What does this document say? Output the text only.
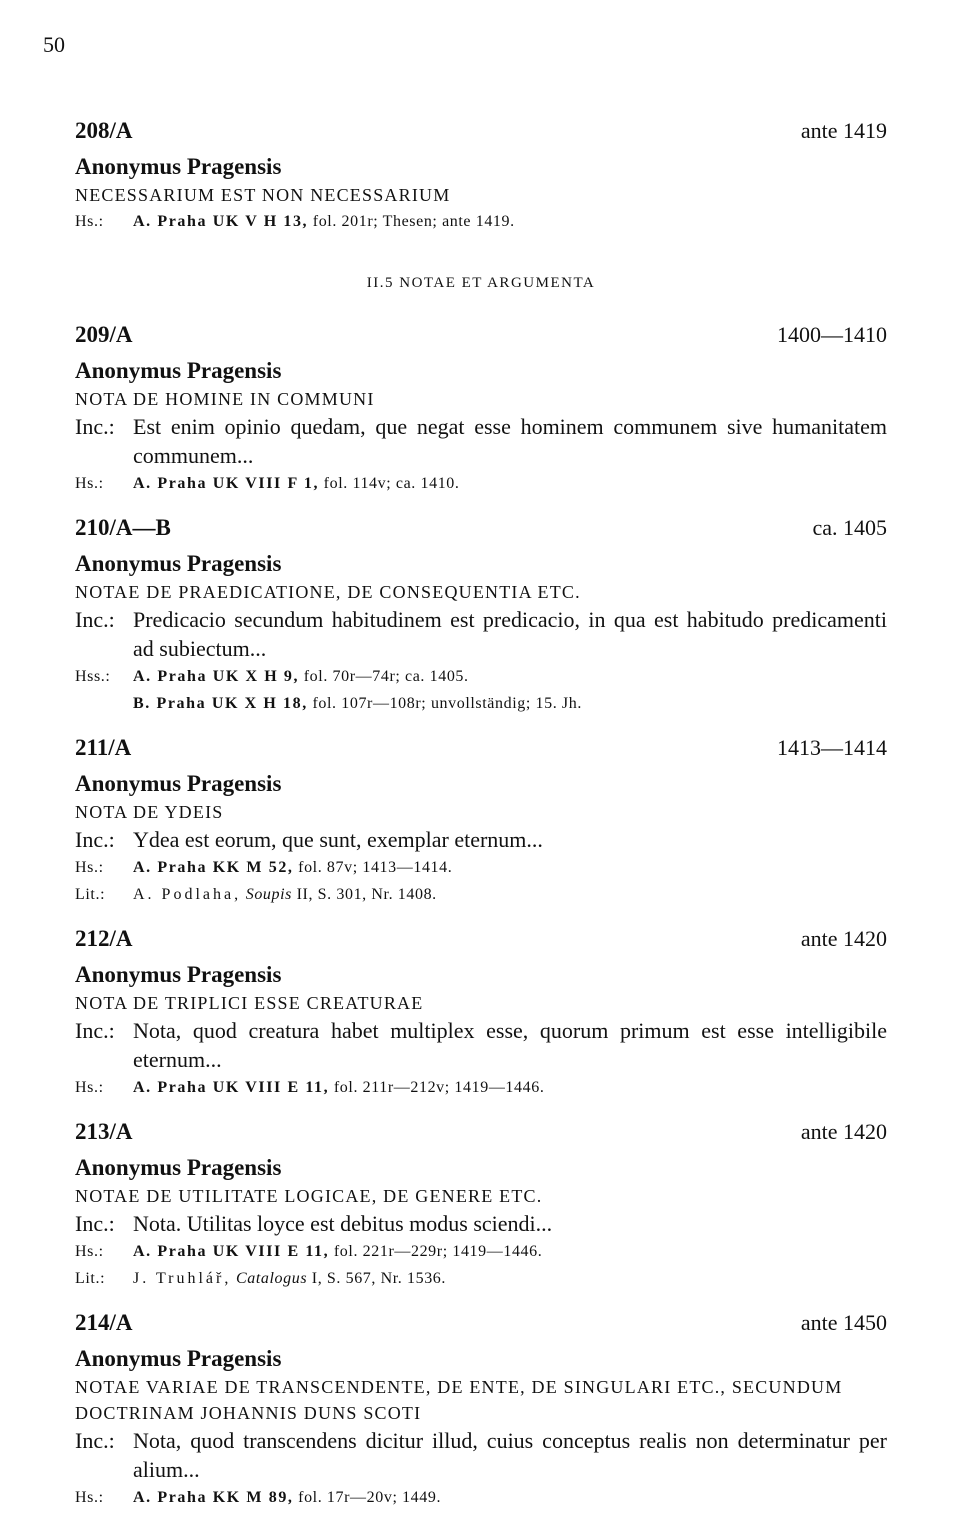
50
208/A	ante 1419
Anonymus Pragensis
NECESSARIUM EST NON NECESSARIUM
Hs.:	A. Praha UK V H 13, fol. 201r; Thesen; ante 1419.
II.5 NOTAE ET ARGUMENTA
209/A	1400—1410
Anonymus Pragensis
NOTA DE HOMINE IN COMMUNI
Inc.: Est enim opinio quedam, que negat esse hominem communem sive humanitatem communem...
Hs.:	A. Praha UK VIII F 1, fol. 114v; ca. 1410.
210/A—B	ca. 1405
Anonymus Pragensis
NOTAE DE PRAEDICATIONE, DE CONSEQUENTIA ETC.
Inc.: Predicacio secundum habitudinem est predicacio, in qua est habitudo predicamenti ad subiectum...
Hss.:	A. Praha UK X H 9, fol. 70r—74r; ca. 1405.
B. Praha UK X H 18, fol. 107r—108r; unvollständig; 15. Jh.
211/A	1413—1414
Anonymus Pragensis
NOTA DE YDEIS
Inc.: Ydea est eorum, que sunt, exemplar eternum...
Hs.:	A. Praha KK M 52, fol. 87v; 1413—1414.
Lit.:	A. Podlaha, Soupis II, S. 301, Nr. 1408.
212/A	ante 1420
Anonymus Pragensis
NOTA DE TRIPLICI ESSE CREATURAE
Inc.: Nota, quod creatura habet multiplex esse, quorum primum est esse intelligibile eternum...
Hs.:	A. Praha UK VIII E 11, fol. 211r—212v; 1419—1446.
213/A	ante 1420
Anonymus Pragensis
NOTAE DE UTILITATE LOGICAE, DE GENERE ETC.
Inc.: Nota. Utilitas loyce est debitus modus sciendi...
Hs.:	A. Praha UK VIII E 11, fol. 221r—229r; 1419—1446.
Lit.:	J. Truhlář, Catalogus I, S. 567, Nr. 1536.
214/A	ante 1450
Anonymus Pragensis
NOTAE VARIAE DE TRANSCENDENTE, DE ENTE, DE SINGULARI ETC., SECUNDUM DOCTRINAM JOHANNIS DUNS SCOTI
Inc.: Nota, quod transcendens dicitur illud, cuius conceptus realis non determinatur per alium...
Hs.:	A. Praha KK M 89, fol. 17r—20v; 1449.
